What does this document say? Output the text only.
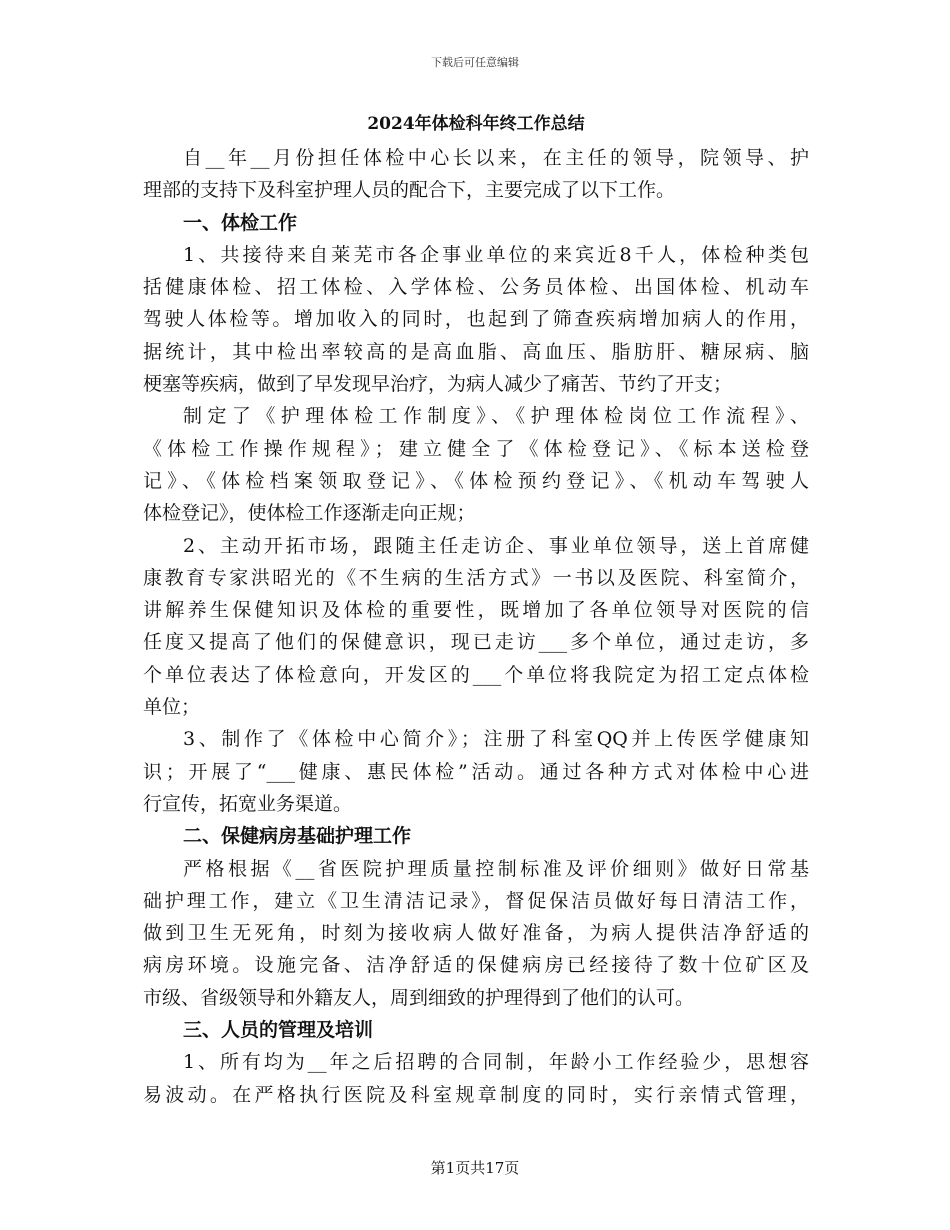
下载后可任意编辑
2024年体检科年终工作总结
自__年__月份担任体检中心长以来，在主任的领导，院领导、护
理部的支持下及科室护理人员的配合下，主要完成了以下工作。
一、体检工作
1、共接待来自莱芜市各企事业单位的来宾近8千人，体检种类包
括健康体检、招工体检、入学体检、公务员体检、出国体检、机动车
驾驶人体检等。增加收入的同时，也起到了筛查疾病增加病人的作用，
据统计，其中检出率较高的是高血脂、高血压、脂肪肝、糖尿病、脑
梗塞等疾病，做到了早发现早治疗，为病人减少了痛苦、节约了开支；
制定了《护理体检工作制度》、《护理体检岗位工作流程》、
《体检工作操作规程》；建立健全了《体检登记》、《标本送检登
记》、《体检档案领取登记》、《体检预约登记》、《机动车驾驶人
体检登记》，使体检工作逐渐走向正规；
2、主动开拓市场，跟随主任走访企、事业单位领导，送上首席健
康教育专家洪昭光的《不生病的生活方式》一书以及医院、科室简介，
讲解养生保健知识及体检的重要性，既增加了各单位领导对医院的信
任度又提高了他们的保健意识，现已走访___多个单位，通过走访，多
个单位表达了体检意向，开发区的___个单位将我院定为招工定点体检
单位；
3、制作了《体检中心简介》；注册了科室QQ并上传医学健康知
识；开展了“___健康、惠民体检”活动。通过各种方式对体检中心进
行宣传，拓宽业务渠道。
二、保健病房基础护理工作
严格根据《__省医院护理质量控制标准及评价细则》做好日常基
础护理工作，建立《卫生清洁记录》，督促保洁员做好每日清洁工作，
做到卫生无死角，时刻为接收病人做好准备，为病人提供洁净舒适的
病房环境。设施完备、洁净舒适的保健病房已经接待了数十位矿区及
市级、省级领导和外籍友人，周到细致的护理得到了他们的认可。
三、人员的管理及培训
1、所有均为__年之后招聘的合同制，年龄小工作经验少，思想容
易波动。在严格执行医院及科室规章制度的同时，实行亲情式管理，
第1页共17页
